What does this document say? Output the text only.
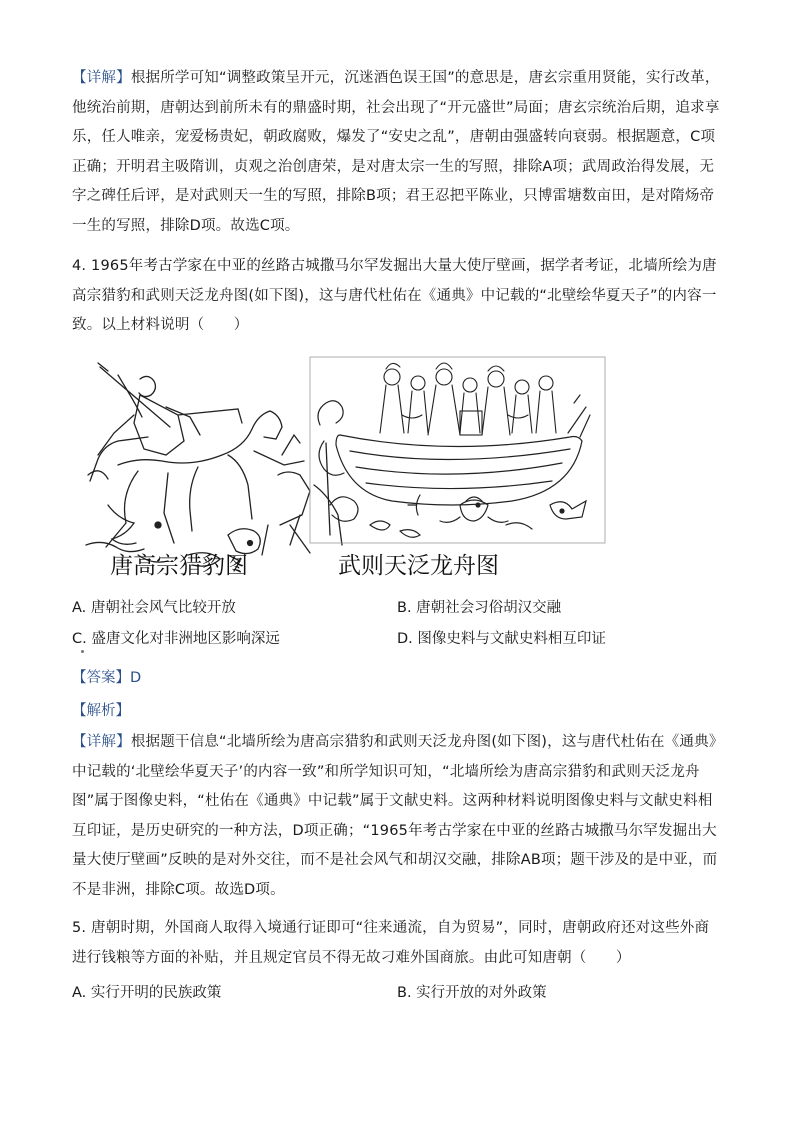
【详解】根据所学可知“调整政策呈开元，沉迷酒色误王国”的意思是，唐玄宗重用贤能，实行改革，他统治前期，唐朝达到前所未有的鼎盛时期，社会出现了“开元盛世”局面；唐玄宗统治后期，追求享乐，任人唯亲，宠爱杨贵妃，朝政腐败，爆发了“安史之乱”，唐朝由强盛转向衰弱。根据题意，C项正确；开明君主吸隋训，贞观之治创唐荣，是对唐太宗一生的写照，排除A项；武周政治得发展，无字之碑任后评，是对武则天一生的写照，排除B项；君王忍把平陈业，只博雷塘数亩田，是对隋炀帝一生的写照，排除D项。故选C项。
4. 1965年考古学家在中亚的丝路古城撒马尔罕发掘出大量大使厅壁画，据学者考证，北墙所绘为唐高宗猎豹和武则天泛龙舟图(如下图)，这与唐代杜佑在《通典》中记载的“北壁绘华夏天子”的内容一致。以上材料说明（　　）
唐高宗猎豹图	武则天泛龙舟图
A. 唐朝社会风气比较开放	B. 唐朝社会习俗胡汉交融
C. 盛唐文化对非洲地区影响深远	D. 图像史料与文献史料相互印证
【答案】D
【解析】
【详解】根据题干信息“北墙所绘为唐高宗猎豹和武则天泛龙舟图(如下图)，这与唐代杜佑在《通典》中记载的‘北壁绘华夏天子’的内容一致”和所学知识可知，“北墙所绘为唐高宗猎豹和武则天泛龙舟图”属于图像史料，“杜佑在《通典》中记载”属于文献史料。这两种材料说明图像史料与文献史料相互印证，是历史研究的一种方法，D项正确；“1965年考古学家在中亚的丝路古城撒马尔罕发掘出大量大使厅壁画”反映的是对外交往，而不是社会风气和胡汉交融，排除AB项；题干涉及的是中亚，而不是非洲，排除C项。故选D项。
5. 唐朝时期，外国商人取得入境通行证即可“往来通流，自为贸易”，同时，唐朝政府还对这些外商进行钱粮等方面的补贴，并且规定官员不得无故刁难外国商旅。由此可知唐朝（　　）
A. 实行开明的民族政策	B. 实行开放的对外政策
